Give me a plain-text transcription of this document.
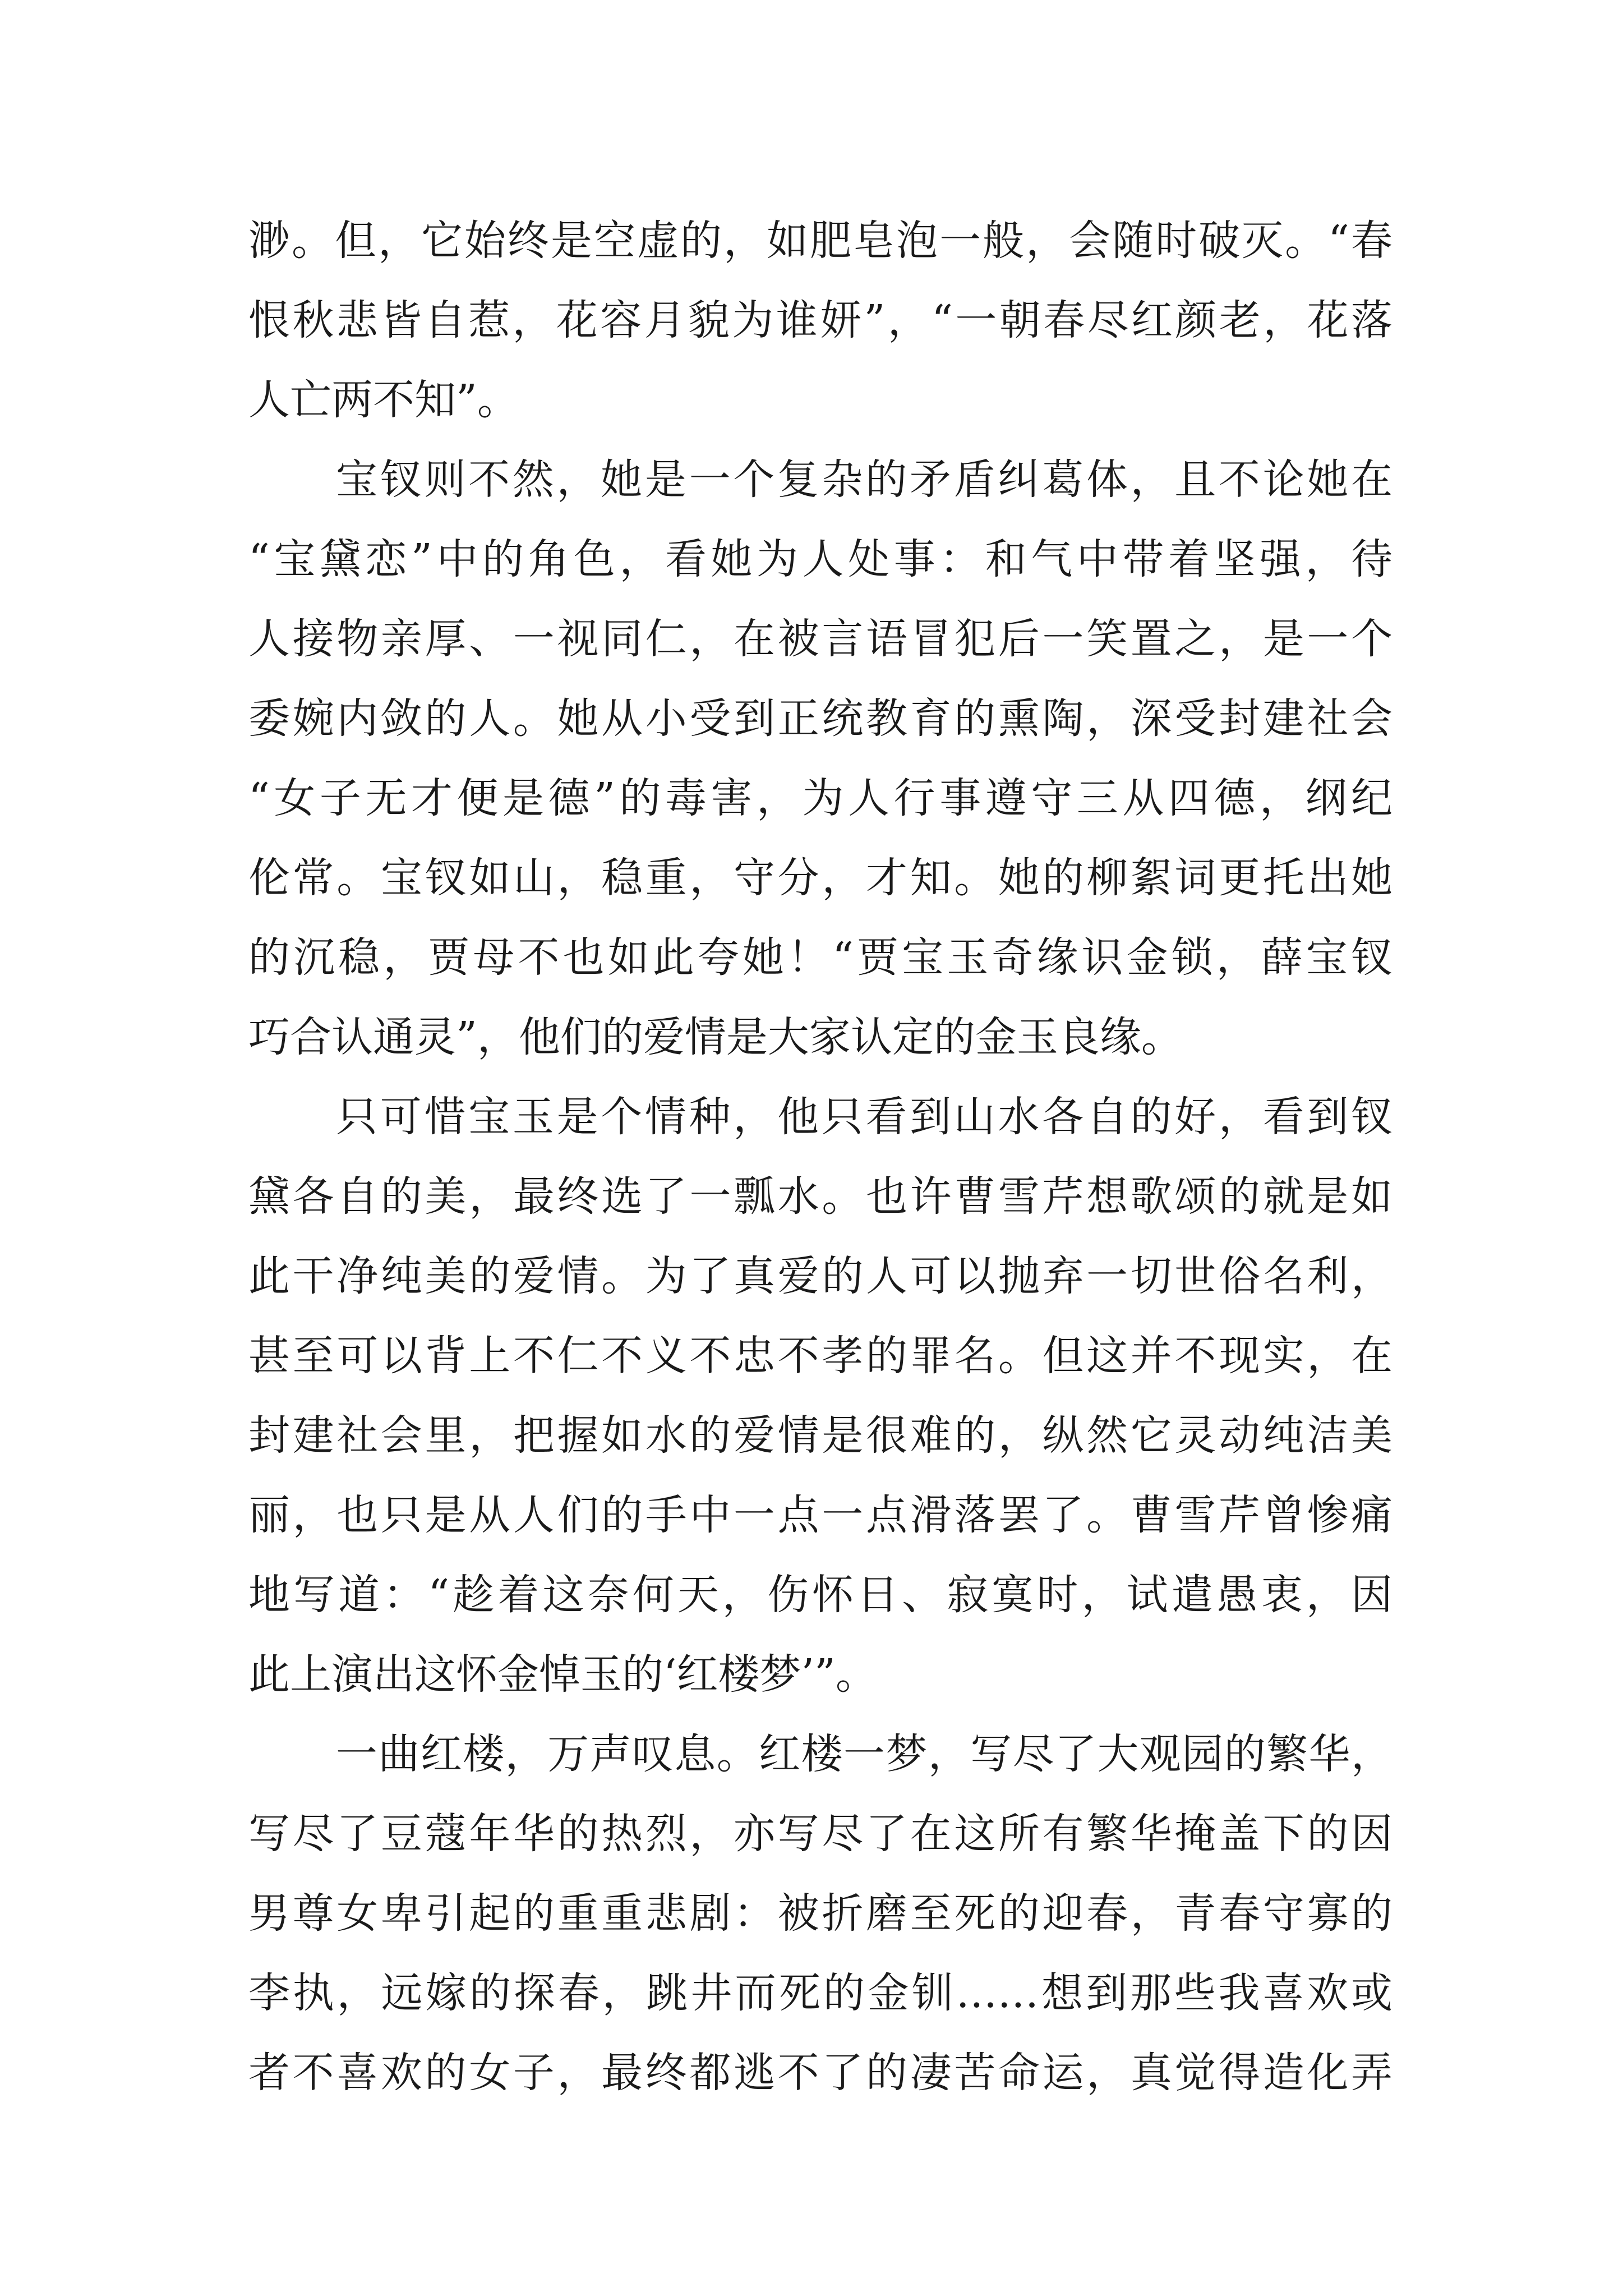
渺。但，它始终是空虚的，如肥皂泡一般，会随时破灭。“春
恨秋悲皆自惹，花容月貌为谁妍”，“一朝春尽红颜老，花落
人亡两不知”。
宝钗则不然，她是一个复杂的矛盾纠葛体，且不论她在
“宝黛恋”中的角色，看她为人处事：和气中带着坚强，待
人接物亲厚、一视同仁，在被言语冒犯后一笑置之，是一个
委婉内敛的人。她从小受到正统教育的熏陶，深受封建社会
“女子无才便是德”的毒害，为人行事遵守三从四德，纲纪
伦常。宝钗如山，稳重，守分，才知。她的柳絮词更托出她
的沉稳，贾母不也如此夸她！“贾宝玉奇缘识金锁，薛宝钗
巧合认通灵”，他们的爱情是大家认定的金玉良缘。
只可惜宝玉是个情种，他只看到山水各自的好，看到钗
黛各自的美，最终选了一瓢水。也许曹雪芹想歌颂的就是如
此干净纯美的爱情。为了真爱的人可以抛弃一切世俗名利，
甚至可以背上不仁不义不忠不孝的罪名。但这并不现实，在
封建社会里，把握如水的爱情是很难的，纵然它灵动纯洁美
丽，也只是从人们的手中一点一点滑落罢了。曹雪芹曾惨痛
地写道：“趁着这奈何天，伤怀日、寂寞时，试遣愚衷，因
此上演出这怀金悼玉的‘红楼梦’”。
一曲红楼，万声叹息。红楼一梦，写尽了大观园的繁华，
写尽了豆蔻年华的热烈，亦写尽了在这所有繁华掩盖下的因
男尊女卑引起的重重悲剧：被折磨至死的迎春，青春守寡的
李执，远嫁的探春，跳井而死的金钏……想到那些我喜欢或
者不喜欢的女子，最终都逃不了的凄苦命运，真觉得造化弄
